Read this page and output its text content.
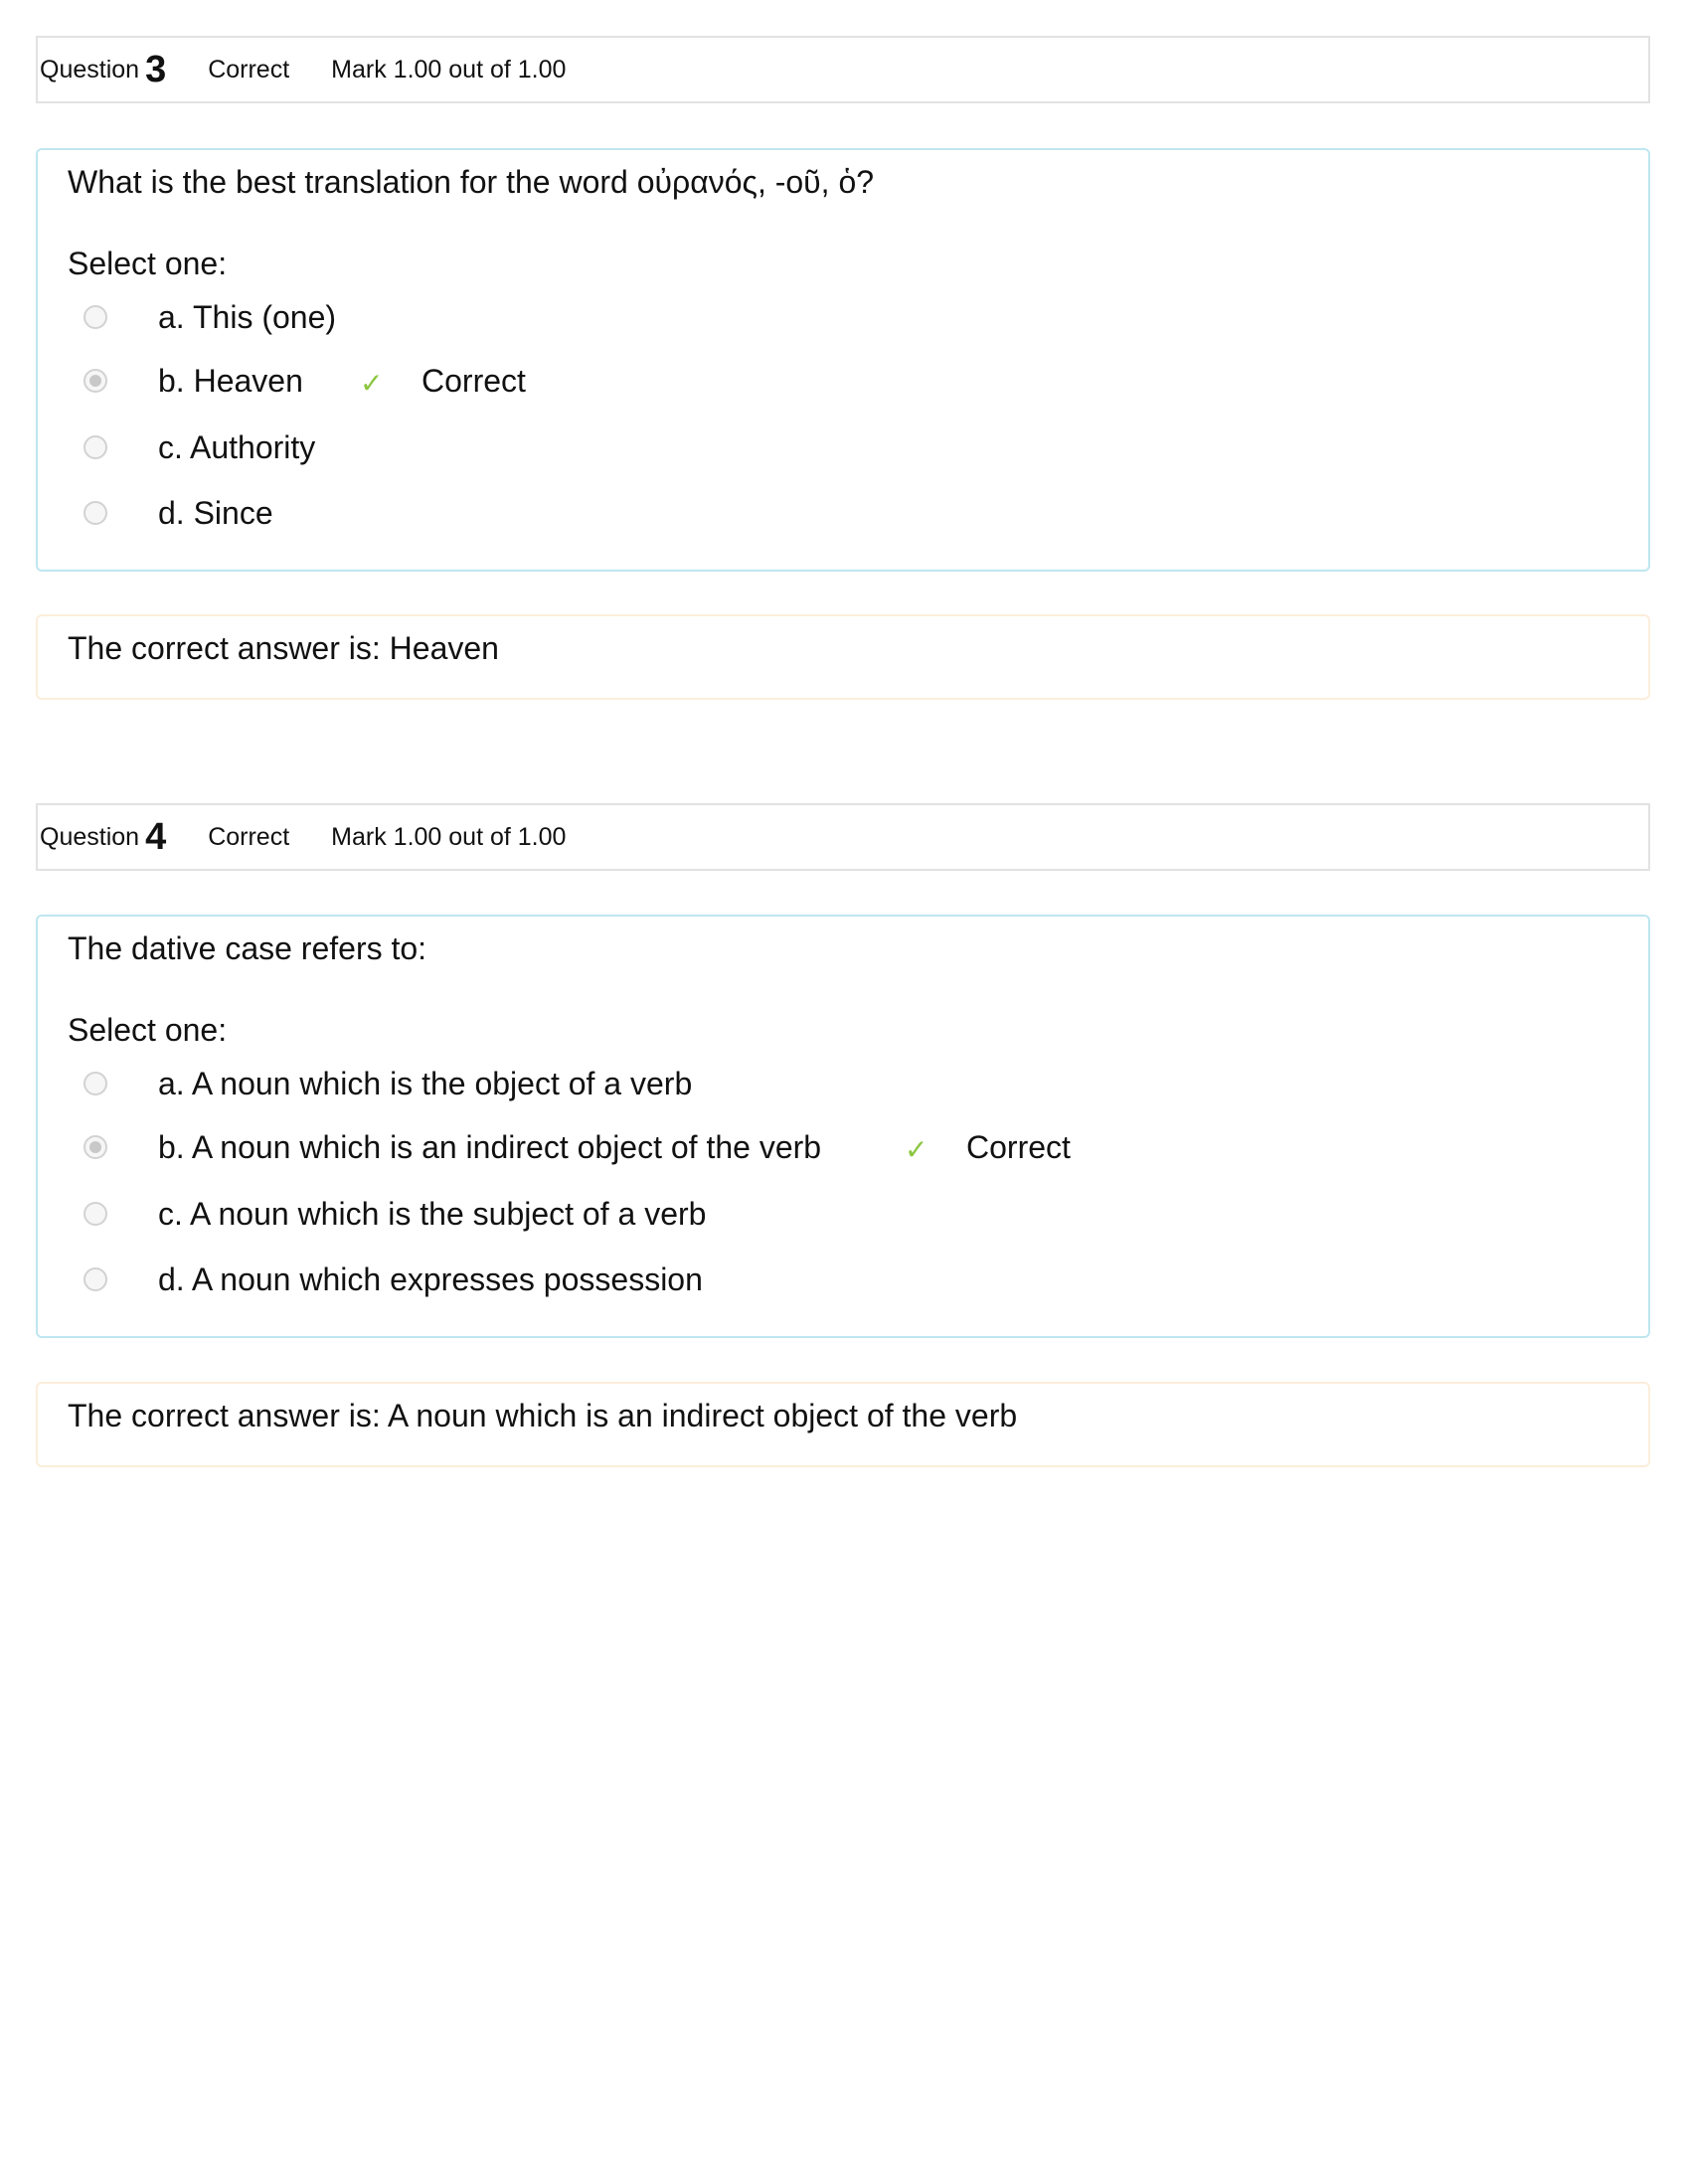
Question 3 Correct Mark 1.00 out of 1.00
What is the best translation for the word οὐρανός, -οῦ, ὁ?
Select one:
a. This (one)
b. Heaven ✓ Correct
c. Authority
d. Since
The correct answer is: Heaven
Question 4 Correct Mark 1.00 out of 1.00
The dative case refers to:
Select one:
a. A noun which is the object of a verb
b. A noun which is an indirect object of the verb	✓ Correct
c. A noun which is the subject of a verb
d. A noun which expresses possession
The correct answer is: A noun which is an indirect object of the verb
